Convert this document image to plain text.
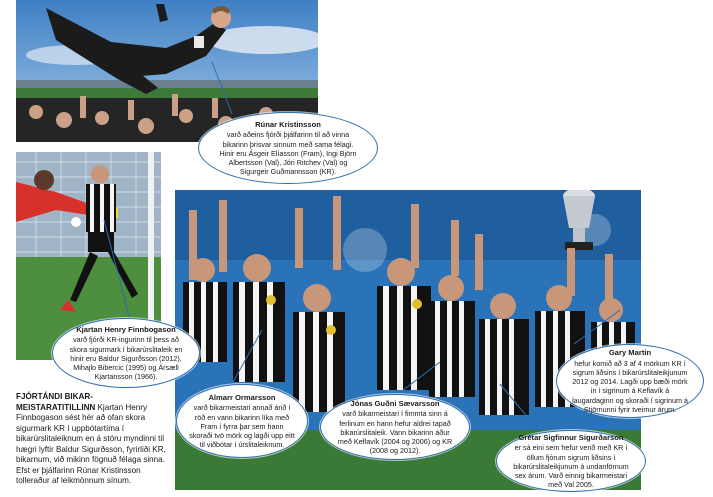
Rúnar Kristinsson
varð aðeins fjórði þjálfarinn til að vinna bikarinn þrisvar sinnum með sama félagi. Hinir eru Ásgeir Elíasson (Fram), Ingi Björn Albertsson (Val), Jóri Ritchev (Val) og Sigurgeir Guðmannsson (KR).
Kjartan Henry Finnbogason
varð fjórði KR-ingurinn til þess að skora sigurmark í bikarúrslitaleik en hinir eru Baldur Sigurðsson (2012), Mihajlo Bibercic (1995) og Ársæll Kjartansson (1966).
Almarr Ormarsson
varð bikarmeistari annað árið í röð en vann bikarinn líka með Fram í fyrra þar sem hann skoraði tvö mörk og lagði upp eitt til viðbótar í úrslitaleiknum.
Jónas Guðni Sævarsson
varð bikarmeistari í fimmta sinn á ferlinum en hann hefur aldrei tapað bikarúrslitaleik. Vann bikarinn áður með Keflavík (2004 og 2006) og KR (2008 og 2012).
Gary Martin
hefur komið að 3 af 4 mörkum KR í sigrum liðsins í bikarúrslitaleikjunum 2012 og 2014. Lagði upp bæði mörk in í sigrinum á Keflavík á laugardaginn og skoraði í sigrinum á Stjörnunni fyrir tveimur árum.
Grétar Sigfinnur Sigurðarson
er sá eini sem hefur verið með KR í öllum fjórum sigrum liðsins í bikarúrslitaleikjunum á undanförnum sex árum. Varð einnig bikarmeistari með Val 2005.
FJÓRTÁNDI BIKAR-
MEISTARATITILLINN Kjartan Henry Finnbogason sést hér að ofan skora sigurmark KR í uppbótartíma í bikarúrslitaleiknum en á stóru myndinni til hægri lyftir Baldur Sigurðsson, fyrirliði KR, bikarnum, við mikinn fögnuð félaga sinna. Efst er þjálfarinn Rúnar Kristinsson tolleraður af leikmönnum sínum.
